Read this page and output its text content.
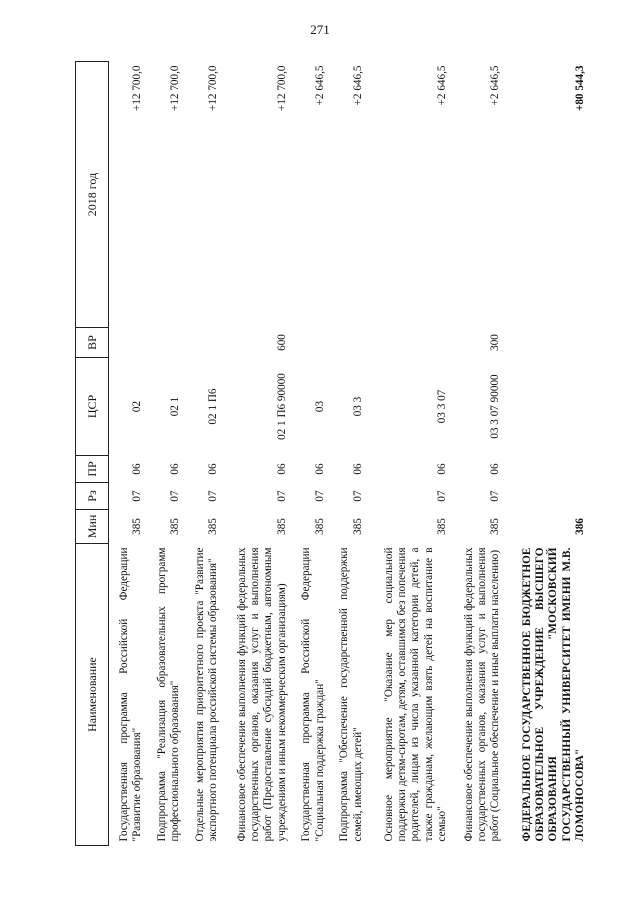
271
Наименование	Мин	Рз	ПР	ЦСР	ВР	2018 год
Государственная программа Российской Федерации "Развитие образования"	385	07	06	02		+12 700,0
Подпрограмма "Реализация образовательных программ профессионального образования"	385	07	06	02 1		+12 700,0
Отдельные мероприятия приоритетного проекта "Развитие экспортного потенциала российской системы образования"	385	07	06	02 1 П6		+12 700,0
Финансовое обеспечение выполнения функций федеральных государственных органов, оказания услуг и выполнения работ (Предоставление субсидий бюджетным, автономным учреждениям и иным некоммерческим организациям)	385	07	06	02 1 П6 90000	600	+12 700,0
Государственная программа Российской Федерации "Социальная поддержка граждан"	385	07	06	03		+2 646,5
Подпрограмма "Обеспечение государственной поддержки семей, имеющих детей"	385	07	06	03 3		+2 646,5
Основное мероприятие "Оказание мер социальной поддержки детям-сиротам, детям, оставшимся без попечения родителей, лицам из числа указанной категории детей, а также гражданам, желающим взять детей на воспитание в семью"	385	07	06	03 3 07		+2 646,5
Финансовое обеспечение выполнения функций федеральных государственных органов, оказания услуг и выполнения работ (Социальное обеспечение и иные выплаты населению)	385	07	06	03 3 07 90000	300	+2 646,5
ФЕДЕРАЛЬНОЕ ГОСУДАРСТВЕННОЕ БЮДЖЕТНОЕ ОБРАЗОВАТЕЛЬНОЕ УЧРЕЖДЕНИЕ ВЫСШЕГО ОБРАЗОВАНИЯ "МОСКОВСКИЙ ГОСУДАРСТВЕННЫЙ УНИВЕРСИТЕТ ИМЕНИ М.В. ЛОМОНОСОВА"	386					+80 544,3
